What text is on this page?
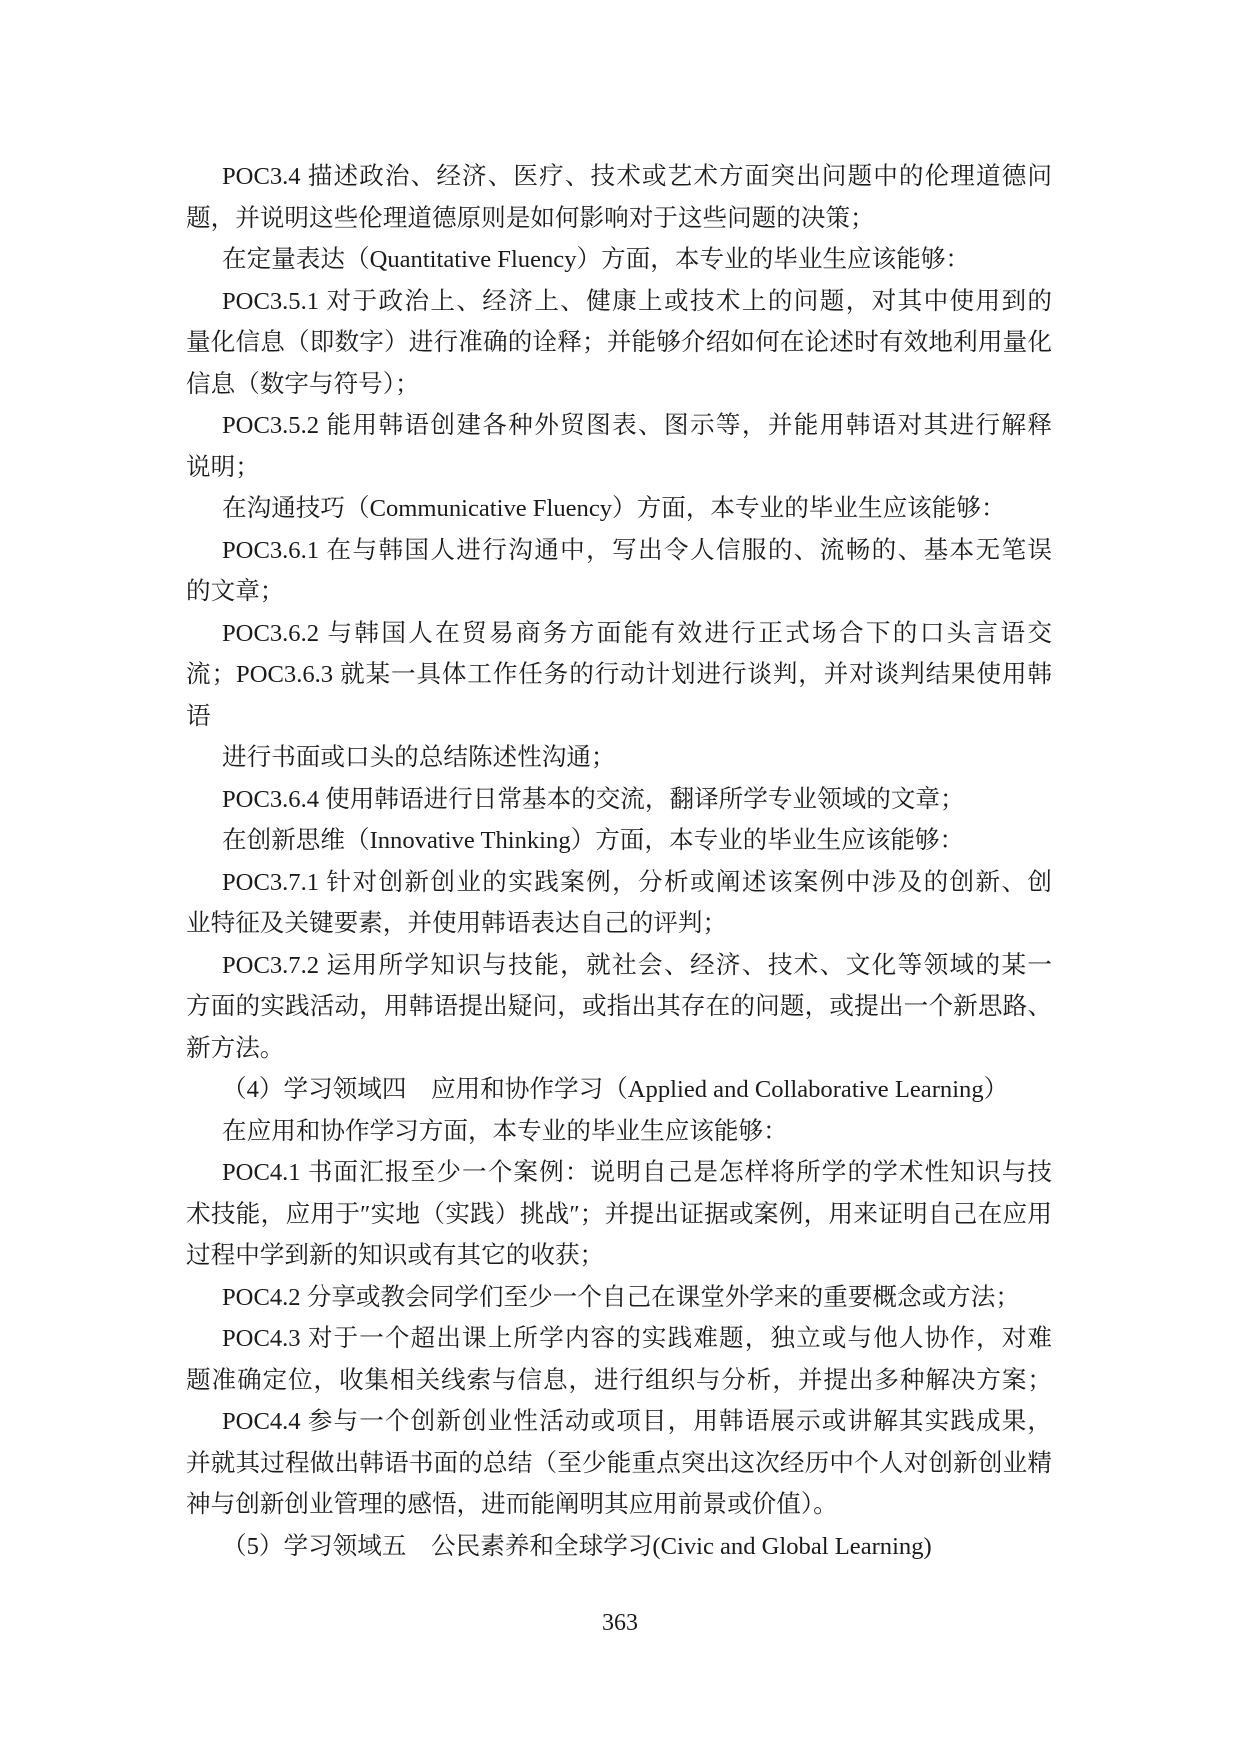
POC3.4 描述政治、经济、医疗、技术或艺术方面突出问题中的伦理道德问
题，并说明这些伦理道德原则是如何影响对于这些问题的决策；
在定量表达（Quantitative Fluency）方面，本专业的毕业生应该能够：
POC3.5.1 对于政治上、经济上、健康上或技术上的问题，对其中使用到的
量化信息（即数字）进行准确的诠释；并能够介绍如何在论述时有效地利用量化
信息（数字与符号）；
POC3.5.2 能用韩语创建各种外贸图表、图示等，并能用韩语对其进行解释
说明；
在沟通技巧（Communicative Fluency）方面，本专业的毕业生应该能够：
POC3.6.1 在与韩国人进行沟通中，写出令人信服的、流畅的、基本无笔误
的文章；
POC3.6.2 与韩国人在贸易商务方面能有效进行正式场合下的口头言语交
流；POC3.6.3 就某一具体工作任务的行动计划进行谈判，并对谈判结果使用韩
语
进行书面或口头的总结陈述性沟通；
POC3.6.4 使用韩语进行日常基本的交流，翻译所学专业领域的文章；
在创新思维（Innovative Thinking）方面，本专业的毕业生应该能够：
POC3.7.1 针对创新创业的实践案例，分析或阐述该案例中涉及的创新、创
业特征及关键要素，并使用韩语表达自己的评判；
POC3.7.2 运用所学知识与技能，就社会、经济、技术、文化等领域的某一
方面的实践活动，用韩语提出疑问，或指出其存在的问题，或提出一个新思路、
新方法。
（4）学习领域四　应用和协作学习（Applied and Collaborative Learning）
在应用和协作学习方面，本专业的毕业生应该能够：
POC4.1 书面汇报至少一个案例：说明自己是怎样将所学的学术性知识与技
术技能，应用于″实地（实践）挑战″；并提出证据或案例，用来证明自己在应用
过程中学到新的知识或有其它的收获；
POC4.2 分享或教会同学们至少一个自己在课堂外学来的重要概念或方法；
POC4.3 对于一个超出课上所学内容的实践难题，独立或与他人协作，对难
题准确定位，收集相关线索与信息，进行组织与分析，并提出多种解决方案；
POC4.4 参与一个创新创业性活动或项目，用韩语展示或讲解其实践成果，
并就其过程做出韩语书面的总结（至少能重点突出这次经历中个人对创新创业精
神与创新创业管理的感悟，进而能阐明其应用前景或价值）。
（5）学习领域五　公民素养和全球学习(Civic and Global Learning)
363
